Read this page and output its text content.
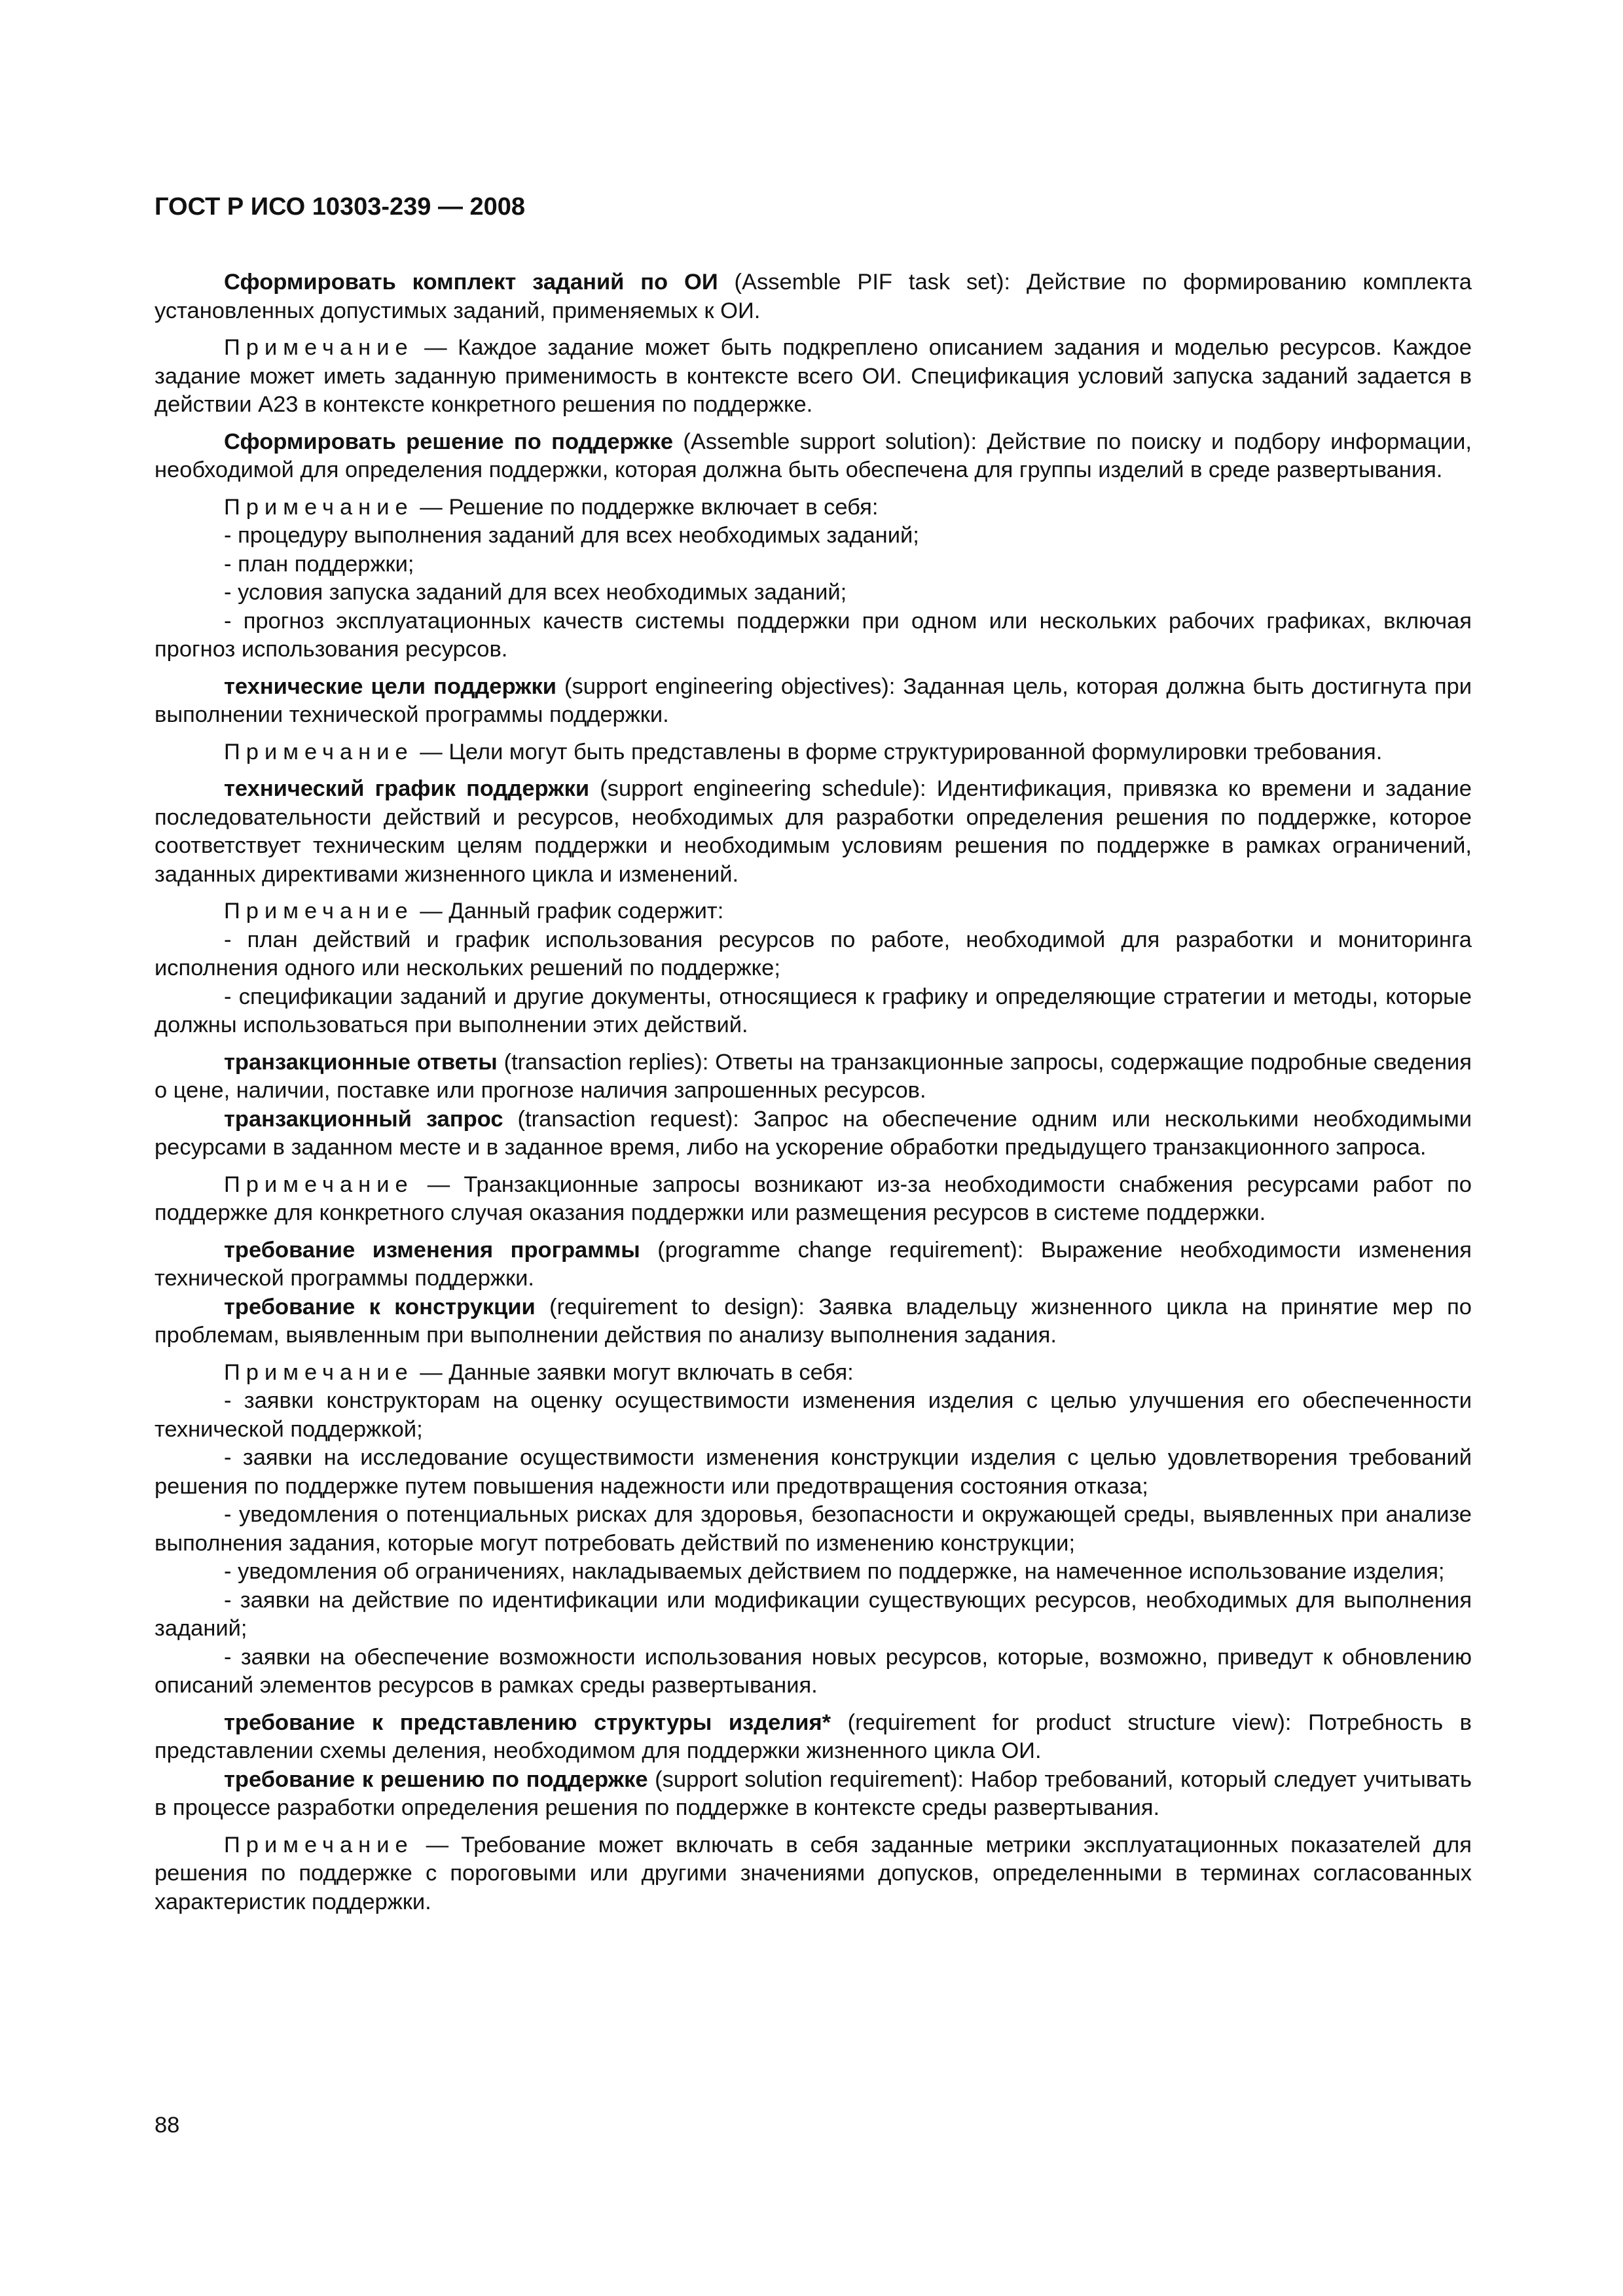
ГОСТ Р ИСО 10303-239 — 2008

Сформировать комплект заданий по ОИ (Assemble PIF task set): Действие по формированию комплекта установленных допустимых заданий, применяемых к ОИ.

Примечание — Каждое задание может быть подкреплено описанием задания и моделью ресурсов. Каждое задание может иметь заданную применимость в контексте всего ОИ. Спецификация условий запуска заданий задается в действии А23 в контексте конкретного решения по поддержке.

Сформировать решение по поддержке (Assemble support solution): Действие по поиску и подбору информации, необходимой для определения поддержки, которая должна быть обеспечена для группы изделий в среде развертывания.

Примечание — Решение по поддержке включает в себя:

- процедуру выполнения заданий для всех необходимых заданий;

- план поддержки;

- условия запуска заданий для всех необходимых заданий;

- прогноз эксплуатационных качеств системы поддержки при одном или нескольких рабочих графиках, включая прогноз использования ресурсов.

технические цели поддержки (support engineering objectives): Заданная цель, которая должна быть достигнута при выполнении технической программы поддержки.

Примечание — Цели могут быть представлены в форме структурированной формулировки требования.

технический график поддержки (support engineering schedule): Идентификация, привязка ко времени и задание последовательности действий и ресурсов, необходимых для разработки определения решения по поддержке, которое соответствует техническим целям поддержки и необходимым условиям решения по поддержке в рамках ограничений, заданных директивами жизненного цикла и изменений.

Примечание — Данный график содержит:

- план действий и график использования ресурсов по работе, необходимой для разработки и мониторинга исполнения одного или нескольких решений по поддержке;

- спецификации заданий и другие документы, относящиеся к графику и определяющие стратегии и методы, которые должны использоваться при выполнении этих действий.

транзакционные ответы (transaction replies): Ответы на транзакционные запросы, содержащие подробные сведения о цене, наличии, поставке или прогнозе наличия запрошенных ресурсов.

транзакционный запрос (transaction request): Запрос на обеспечение одним или несколькими необходимыми ресурсами в заданном месте и в заданное время, либо на ускорение обработки предыдущего транзакционного запроса.

Примечание — Транзакционные запросы возникают из-за необходимости снабжения ресурсами работ по поддержке для конкретного случая оказания поддержки или размещения ресурсов в системе поддержки.

требование изменения программы (programme change requirement): Выражение необходимости изменения технической программы поддержки.

требование к конструкции (requirement to design): Заявка владельцу жизненного цикла на принятие мер по проблемам, выявленным при выполнении действия по анализу выполнения задания.

Примечание — Данные заявки могут включать в себя:

- заявки конструкторам на оценку осуществимости изменения изделия с целью улучшения его обеспеченности технической поддержкой;

- заявки на исследование осуществимости изменения конструкции изделия с целью удовлетворения требований решения по поддержке путем повышения надежности или предотвращения состояния отказа;

- уведомления о потенциальных рисках для здоровья, безопасности и окружающей среды, выявленных при анализе выполнения задания, которые могут потребовать действий по изменению конструкции;

- уведомления об ограничениях, накладываемых действием по поддержке, на намеченное использование изделия;

- заявки на действие по идентификации или модификации существующих ресурсов, необходимых для выполнения заданий;

- заявки на обеспечение возможности использования новых ресурсов, которые, возможно, приведут к обновлению описаний элементов ресурсов в рамках среды развертывания.

требование к представлению структуры изделия* (requirement for product structure view): Потребность в представлении схемы деления, необходимом для поддержки жизненного цикла ОИ.

требование к решению по поддержке (support solution requirement): Набор требований, который следует учитывать в процессе разработки определения решения по поддержке в контексте среды развертывания.

Примечание — Требование может включать в себя заданные метрики эксплуатационных показателей для решения по поддержке с пороговыми или другими значениями допусков, определенными в терминах согласованных характеристик поддержки.

88
